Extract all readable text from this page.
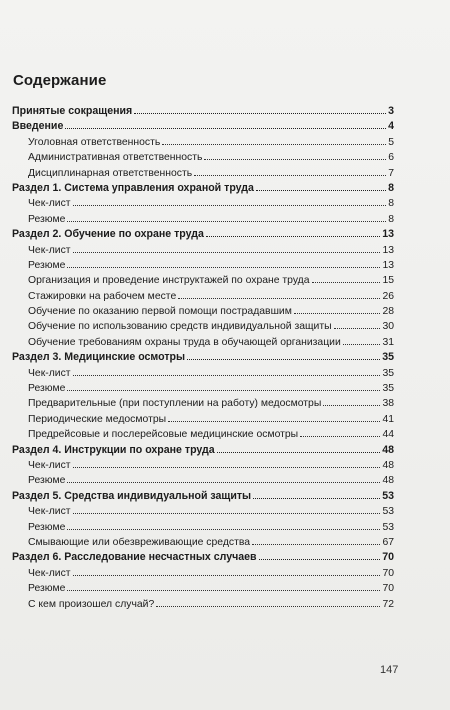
Содержание
Принятые сокращения	3
Введение	4
Уголовная ответственность	5
Административная ответственность	6
Дисциплинарная ответственность	7
Раздел 1. Система управления охраной труда	8
Чек-лист	8
Резюме	8
Раздел 2. Обучение по охране труда	13
Чек-лист	13
Резюме	13
Организация и проведение инструктажей по охране труда	15
Стажировки на рабочем месте	26
Обучение по оказанию первой помощи пострадавшим	28
Обучение по использованию средств индивидуальной защиты	30
Обучение требованиям охраны труда в обучающей организации	31
Раздел 3. Медицинские осмотры	35
Чек-лист	35
Резюме	35
Предварительные (при поступлении на работу) медосмотры	38
Периодические медосмотры	41
Предрейсовые и послерейсовые медицинские осмотры	44
Раздел 4. Инструкции по охране труда	48
Чек-лист	48
Резюме	48
Раздел 5. Средства индивидуальной защиты	53
Чек-лист	53
Резюме	53
Смывающие или обезвреживающие средства	67
Раздел 6. Расследование несчастных случаев	70
Чек-лист	70
Резюме	70
С кем произошел случай?	72
147
